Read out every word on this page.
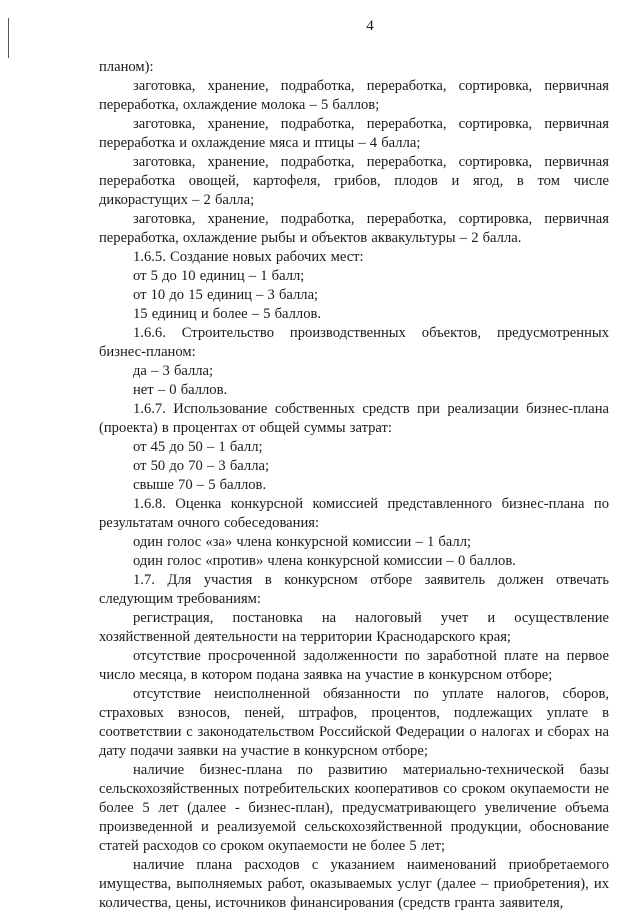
4

планом):

заготовка, хранение, подработка, переработка, сортировка, первичная переработка, охлаждение молока – 5 баллов;

заготовка, хранение, подработка, переработка, сортировка, первичная переработка и охлаждение мяса и птицы – 4 балла;

заготовка, хранение, подработка, переработка, сортировка, первичная переработка овощей, картофеля, грибов, плодов и ягод, в том числе дикорастущих – 2 балла;

заготовка, хранение, подработка, переработка, сортировка, первичная переработка, охлаждение рыбы и объектов аквакультуры – 2 балла.

1.6.5. Создание новых рабочих мест:

от 5 до 10 единиц – 1 балл;

от 10 до 15 единиц – 3 балла;

15 единиц и более – 5 баллов.

1.6.6. Строительство производственных объектов, предусмотренных бизнес-планом:

да – 3 балла;

нет – 0 баллов.

1.6.7. Использование собственных средств при реализации бизнес-плана (проекта) в процентах от общей суммы затрат:

от 45 до 50 – 1 балл;

от 50 до 70 – 3 балла;

свыше 70 – 5 баллов.

1.6.8. Оценка конкурсной комиссией представленного бизнес-плана по результатам очного собеседования:

один голос «за» члена конкурсной комиссии – 1 балл;

один голос «против» члена конкурсной комиссии – 0 баллов.

1.7. Для участия в конкурсном отборе заявитель должен отвечать следующим требованиям:

регистрация, постановка на налоговый учет и осуществление хозяйственной деятельности на территории Краснодарского края;

отсутствие просроченной задолженности по заработной плате на первое число месяца, в котором подана заявка на участие в конкурсном отборе;

отсутствие неисполненной обязанности по уплате налогов, сборов, страховых взносов, пеней, штрафов, процентов, подлежащих уплате в соответствии с законодательством Российской Федерации о налогах и сборах на дату подачи заявки на участие в конкурсном отборе;

наличие бизнес-плана по развитию материально-технической базы сельскохозяйственных потребительских кооперативов со сроком окупаемости не более 5 лет (далее - бизнес-план), предусматривающего увеличение объема произведенной и реализуемой сельскохозяйственной продукции, обоснование статей расходов со сроком окупаемости не более 5 лет;

наличие плана расходов с указанием наименований приобретаемого имущества, выполняемых работ, оказываемых услуг (далее – приобретения), их количества, цены, источников финансирования (средств гранта заявителя,
